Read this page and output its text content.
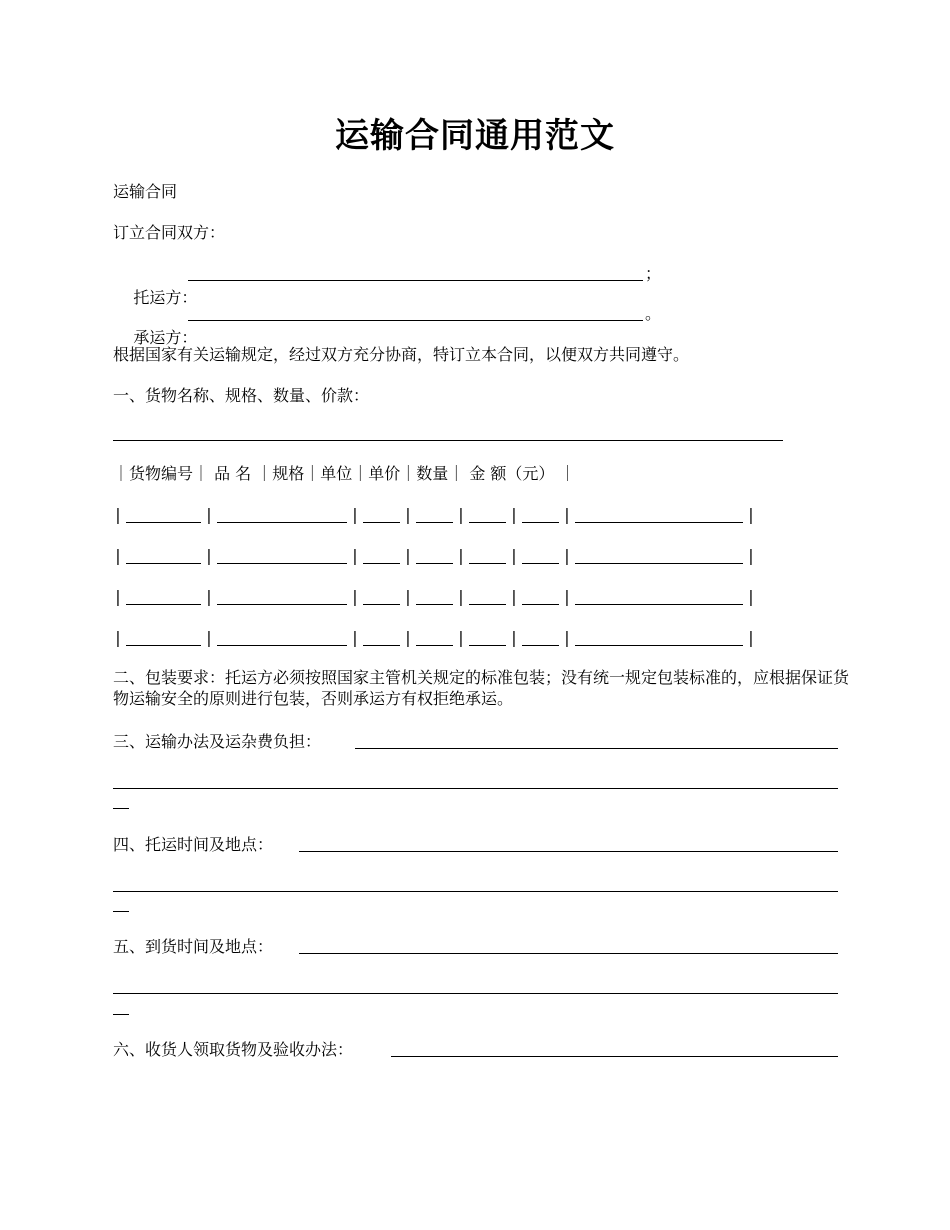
运输合同通用范文
运输合同
订立合同双方：

托运方：

；

承运方：

。
根据国家有关运输规定，经过双方充分协商，特订立本合同，以便双方共同遵守。
一、货物名称、规格、数量、价款：
｜货物编号｜ 品 名 ｜规格｜单位｜单价｜数量｜ 金 额（元） ｜
|	|	|	|	|	|	|	|
|	|	|	|	|	|	|	|
|	|	|	|	|	|	|	|
|	|	|	|	|	|	|	|
二、包装要求：托运方必须按照国家主管机关规定的标准包装；没有统一规定包装标准的，应根据保证货物运输安全的原则进行包装，否则承运方有权拒绝承运。
三、运输办法及运杂费负担：
四、托运时间及地点：
五、到货时间及地点：
六、收货人领取货物及验收办法：
